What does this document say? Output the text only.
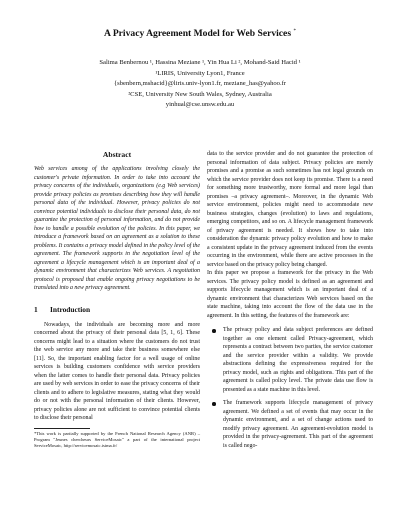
A Privacy Agreement Model for Web Services *
Salima Benbernou ¹, Hassina Meziane ¹, Yin Hua Li ², Mohand-Said Hacid ¹
¹LIRIS, University Lyon1, France
{sbenbern,mshacid}@liris.univ-lyon1.fr, meziane_has@yahoo.fr
²CSE, University New South Wales, Sydney, Australia
yinhual@cse.unsw.edu.au
Abstract

Web services among of the applications involving closely the customer's private information. In order to take into account the privacy concerns of the individuals, organizations (e.g Web services) provide privacy policies as promises describing how they will handle personal data of the individual. However, privacy policies do not convince potential individuals to disclose their personal data, do not guarantee the protection of personal information, and do not provide how to handle a possible evolution of the policies. In this paper, we introduce a framework based on an agreement as a solution to these problems. It contains a privacy model defined in the policy level of the agreement. The framework supports in the negotiation level of the agreement a lifecycle management which is an important deal of a dynamic environment that characterizes Web services. A negotiation protocol is proposed that enable ongoing privacy negotiations to be translated into a new privacy agreement.

1 Introduction

Nowadays, the individuals are becoming more and more concerned about the privacy of their personal data [5, 1, 6]. These concerns might lead to a situation where the customers do not trust the web service any more and take their business somewhere else [11]. So, the important enabling factor for a well usage of online services is building customers confidence with service providers when the latter comes to handle their personal data. Privacy policies are used by web services in order to ease the privacy concerns of their clients and to adhere to legislative measures, stating what they would do or not with the personal information of their clients. However, privacy policies alone are not sufficient to convince potential clients to disclose their personal

*This work is partially supported by the French National Research Agency (ANR) – Program "Jeunes chercheurs ServiceMosaic" a part of the international project ServiceMosaic, http://servicemosaic.isima.fr/

data to the service provider and do not guarantee the protection of personal information of data subject. Privacy policies are merely promises and a promise as such sometimes has not legal grounds on which the service provider does not keep its promise. There is a need for something more trustworthy, more formal and more legal than promises –a privacy agreement–. Moreover, in the dynamic Web service environment, policies might need to accommodate new business strategies, changes (evolution) to laws and regulations, emerging competitors, and so on. A lifecycle management framework of privacy agreement is needed. It shows how to take into consideration the dynamic privacy policy evolution and how to make a consistent update in the privacy agreement induced from the events occurring in the environment, while there are active processes in the service based on the privacy policy being changed.

In this paper we propose a framework for the privacy in the Web services. The privacy policy model is defined as an agreement and supports lifecycle management which is an important deal of a dynamic environment that characterizes Web services based on the state machine, taking into account the flow of the data use in the agreement. In this setting, the features of the framework are:

The privacy policy and data subject preferences are defined together as one element called Privacy-agreement, which represents a contract between two parties, the service customer and the service provider within a validity. We provide abstractions defining the expressiveness required for the privacy model, such as rights and obligations. This part of the agreement is called policy level. The private data use flow is presented as a state machine in this level.
The framework supports lifecycle management of privacy agreement. We defined a set of events that may occur in the dynamic environment, and a set of change actions used to modify privacy agreement. An agreement-evolution model is provided in the privacy-agreement. This part of the agreement is called nego-
